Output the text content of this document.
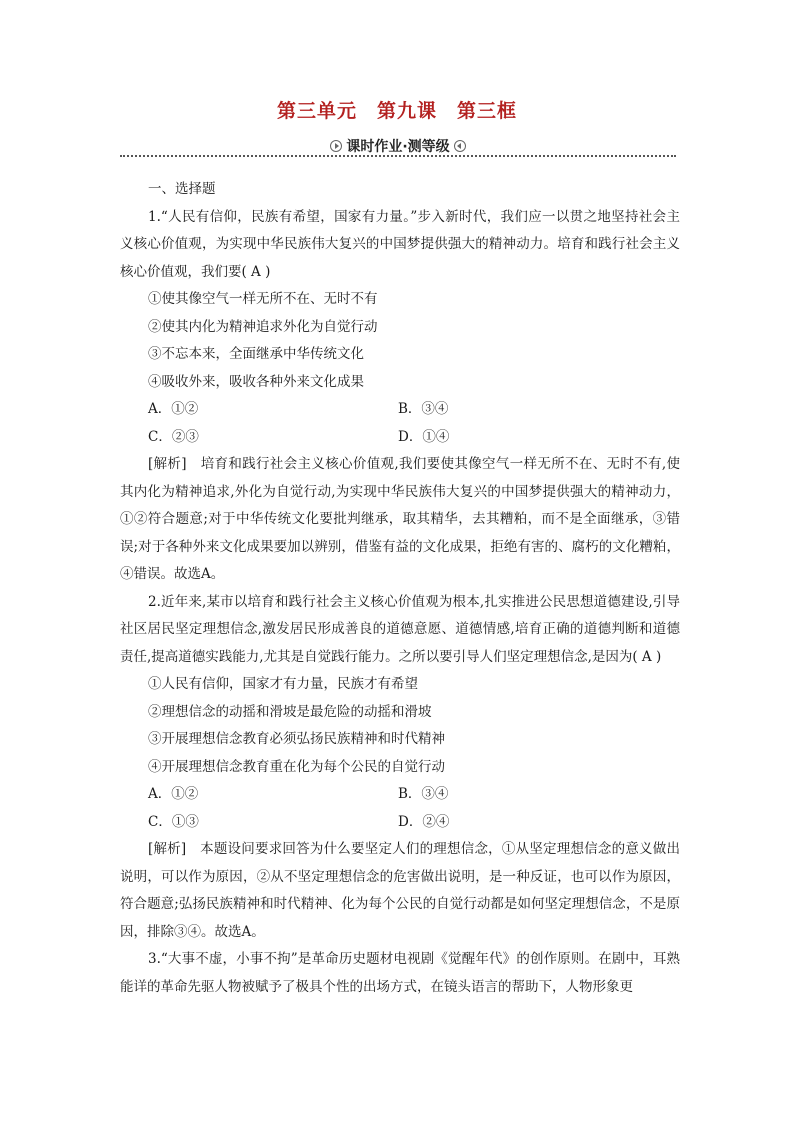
第三单元　第九课　第三框
课时作业·测等级

一、选择题

1.“人民有信仰，民族有希望，国家有力量。”步入新时代，我们应一以贯之地坚持社会主义核心价值观，为实现中华民族伟大复兴的中国梦提供强大的精神动力。培育和践行社会主义核心价值观，我们要( A )

①使其像空气一样无所不在、无时不有

②使其内化为精神追求外化为自觉行动

③不忘本来，全面继承中华传统文化

④吸收外来，吸收各种外来文化成果

A．①②	B．③④
C．②③	D．①④

[解析]　 培育和践行社会主义核心价值观,我们要使其像空气一样无所不在、无时不有,使其内化为精神追求,外化为自觉行动,为实现中华民族伟大复兴的中国梦提供强大的精神动力，①②符合题意;对于中华传统文化要批判继承，取其精华，去其糟粕，而不是全面继承，③错误;对于各种外来文化成果要加以辨别，借鉴有益的文化成果，拒绝有害的、腐朽的文化糟粕，④错误。故选A。

2.近年来,某市以培育和践行社会主义核心价值观为根本,扎实推进公民思想道德建设,引导社区居民坚定理想信念,激发居民形成善良的道德意愿、道德情感,培育正确的道德判断和道德责任,提高道德实践能力,尤其是自觉践行能力。之所以要引导人们坚定理想信念,是因为( A )

①人民有信仰，国家才有力量，民族才有希望

②理想信念的动摇和滑坡是最危险的动摇和滑坡

③开展理想信念教育必须弘扬民族精神和时代精神

④开展理想信念教育重在化为每个公民的自觉行动

A．①②	B．③④
C．①③	D．②④

[解析]　 本题设问要求回答为什么要坚定人们的理想信念，①从坚定理想信念的意义做出说明，可以作为原因，②从不坚定理想信念的危害做出说明，是一种反证，也可以作为原因，符合题意;弘扬民族精神和时代精神、化为每个公民的自觉行动都是如何坚定理想信念，不是原因，排除③④。故选A。

3.“大事不虚，小事不拘”是革命历史题材电视剧《觉醒年代》的创作原则。在剧中，耳熟能详的革命先驱人物被赋予了极具个性的出场方式，在镜头语言的帮助下，人物形象更
